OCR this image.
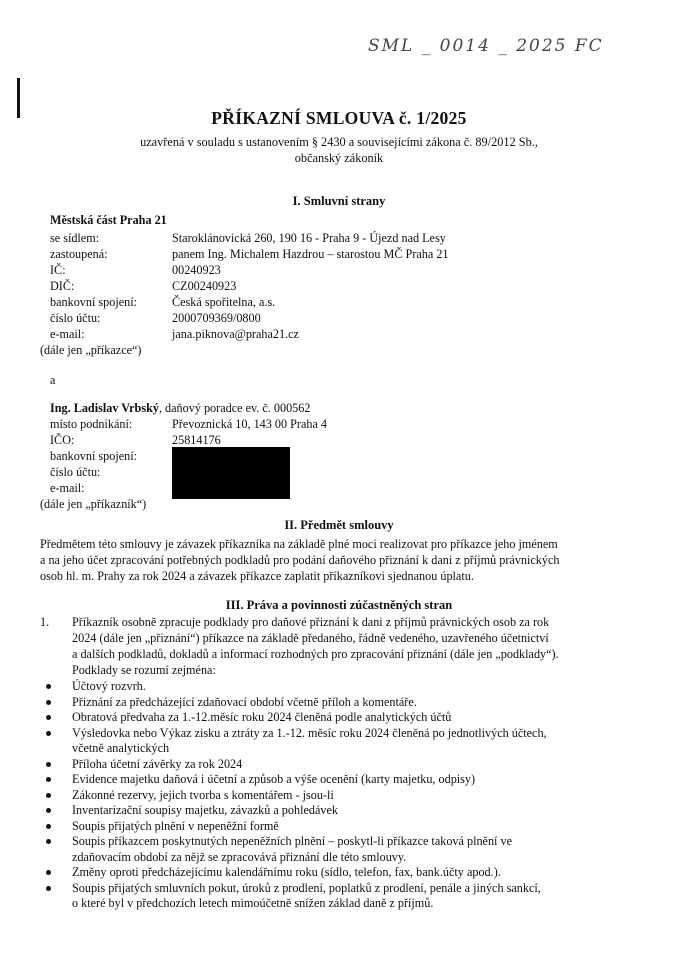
SML _ 0014 _ 2025 FC
PŘÍKAZNÍ SMLOUVA č. 1/2025
uzavřená v souladu s ustanovením § 2430 a souvisejícími zákona č. 89/2012 Sb.,
občanský zákoník
I. Smluvní strany
Městská část Praha 21
se sídlem:	Staroklánovická 260, 190 16 - Praha 9 - Újezd nad Lesy
zastoupená:	panem Ing. Michalem Hazdrou – starostou MČ Praha 21
IČ:	00240923
DIČ:	CZ00240923
bankovní spojení:	Česká spořitelna, a.s.
číslo účtu:	2000709369/0800
e-mail:	jana.piknova@praha21.cz
(dále jen „příkazce“)
a
Ing. Ladislav Vrbský, daňový poradce ev. č. 000562
místo podnikání:	Převoznická 10, 143 00 Praha 4
IČO:	25814176
bankovní spojení:
číslo účtu:
e-mail:
(dále jen „příkazník“)
II. Předmět smlouvy
Předmětem této smlouvy je závazek příkazníka na základě plné moci realizovat pro příkazce jeho jménem
a na jeho účet zpracování potřebných podkladů pro podání daňového přiznání k dani z příjmů právnických
osob hl. m. Prahy za rok 2024 a závazek příkazce zaplatit příkazníkovi sjednanou úplatu.
III. Práva a povinnosti zúčastněných stran
1. Příkazník osobně zpracuje podklady pro daňové přiznání k dani z příjmů právnických osob za rok
2024 (dále jen „přiznání“) příkazce na základě předaného, řádně vedeného, uzavřeného účetnictví
a dalších podkladů, dokladů a informací rozhodných pro zpracování přiznání (dále jen „podklady“).
Podklady se rozumí zejména:
Účtový rozvrh.
Přiznání za předcházející zdaňovací období včetně příloh a komentáře.
Obratová předvaha za 1.-12.měsíc roku 2024 členěná podle analytických účtů
Výsledovka nebo Výkaz zisku a ztráty za 1.-12. měsíc roku 2024 členěná po jednotlivých účtech,
včetně analytických
Příloha účetní závěrky za rok 2024
Evidence majetku daňová i účetní a způsob a výše ocenění (karty majetku, odpisy)
Zákonné rezervy, jejich tvorba s komentářem - jsou-li
Inventarizační soupisy majetku, závazků a pohledávek
Soupis přijatých plnění v nepeněžní formě
Soupis příkazcem poskytnutých nepeněžních plnění – poskytl-li příkazce taková plnění ve
zdaňovacím období za nějž se zpracovává přiznání dle této smlouvy.
Změny oproti předcházejícímu kalendářnímu roku (sídlo, telefon, fax, bank.účty apod.).
Soupis přijatých smluvních pokut, úroků z prodlení, poplatků z prodlení, penále a jiných sankcí,
o které byl v předchozích letech mimoúčetně snížen základ daně z příjmů.
